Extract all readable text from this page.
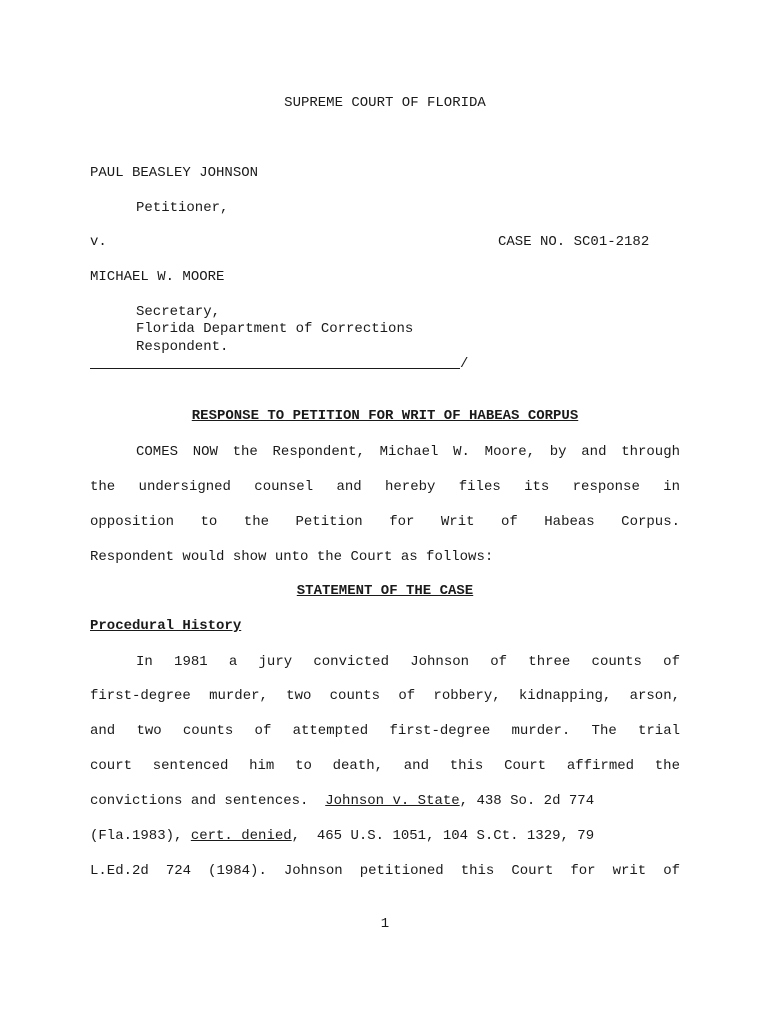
SUPREME COURT OF FLORIDA
PAUL BEASLEY JOHNSON
Petitioner,
v.	CASE NO. SC01-2182
MICHAEL W. MOORE
Secretary,
Florida Department of Corrections
Respondent.
/
RESPONSE TO PETITION FOR WRIT OF HABEAS CORPUS
COMES NOW the Respondent, Michael W. Moore, by and through
the undersigned counsel and hereby files its response in
opposition to the Petition for Writ of Habeas Corpus.
Respondent would show unto the Court as follows:
STATEMENT OF THE CASE
Procedural History
In 1981 a jury convicted Johnson of three counts of
first-degree murder, two counts of robbery, kidnapping, arson,
and two counts of attempted first-degree murder. The trial
court sentenced him to death, and this Court affirmed the
convictions and sentences.  Johnson v. State, 438 So. 2d 774
(Fla.1983), cert. denied,  465 U.S. 1051, 104 S.Ct. 1329, 79
L.Ed.2d 724 (1984). Johnson petitioned this Court for writ of
1
